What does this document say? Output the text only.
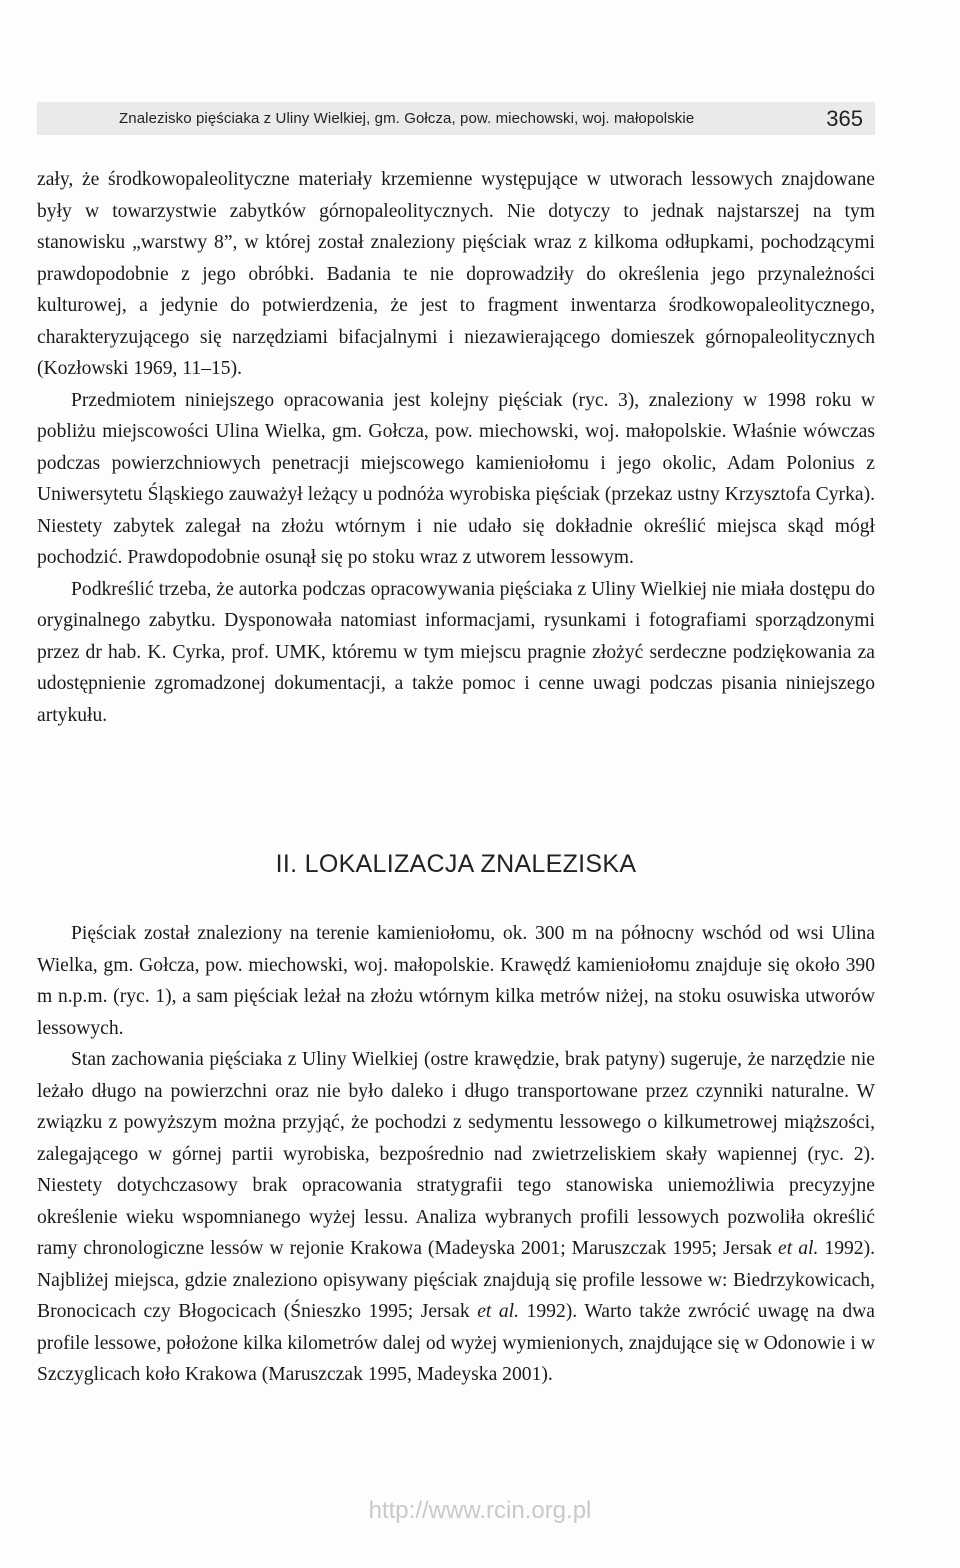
Znalezisko pięściaka z Uliny Wielkiej, gm. Gołcza, pow. miechowski, woj. małopolskie	365

zały, że środkowopaleolityczne materiały krzemienne występujące w utworach lessowych znajdowane były w towarzystwie zabytków górnopaleolitycznych. Nie dotyczy to jednak najstarszej na tym stanowisku „warstwy 8”, w której został znaleziony pięściak wraz z kilkoma odłupkami, pochodzącymi prawdopodobnie z jego obróbki. Badania te nie doprowadziły do określenia jego przynależności kulturowej, a jedynie do potwierdzenia, że jest to fragment inwentarza środkowopaleolitycznego, charakteryzującego się narzędziami bifacjalnymi i niezawierającego domieszek górnopaleolitycznych (Kozłowski 1969, 11–15).

Przedmiotem niniejszego opracowania jest kolejny pięściak (ryc. 3), znaleziony w 1998 roku w pobliżu miejscowości Ulina Wielka, gm. Gołcza, pow. miechowski, woj. małopolskie. Właśnie wówczas podczas powierzchniowych penetracji miejscowego kamieniołomu i jego okolic, Adam Polonius z Uniwersytetu Śląskiego zauważył leżący u podnóża wyrobiska pięściak (przekaz ustny Krzysztofa Cyrka). Niestety zabytek zalegał na złożu wtórnym i nie udało się dokładnie określić miejsca skąd mógł pochodzić. Prawdopodobnie osunął się po stoku wraz z utworem lessowym.

Podkreślić trzeba, że autorka podczas opracowywania pięściaka z Uliny Wielkiej nie miała dostępu do oryginalnego zabytku. Dysponowała natomiast informacjami, rysunkami i fotografiami sporządzonymi przez dr hab. K. Cyrka, prof. UMK, któremu w tym miejscu pragnie złożyć serdeczne podziękowania za udostępnienie zgromadzonej dokumentacji, a także pomoc i cenne uwagi podczas pisania niniejszego artykułu.

II. LOKALIZACJA ZNALEZISKA

Pięściak został znaleziony na terenie kamieniołomu, ok. 300 m na północny wschód od wsi Ulina Wielka, gm. Gołcza, pow. miechowski, woj. małopolskie. Krawędź kamieniołomu znajduje się około 390 m n.p.m. (ryc. 1), a sam pięściak leżał na złożu wtórnym kilka metrów niżej, na stoku osuwiska utworów lessowych.

Stan zachowania pięściaka z Uliny Wielkiej (ostre krawędzie, brak patyny) sugeruje, że narzędzie nie leżało długo na powierzchni oraz nie było daleko i długo transportowane przez czynniki naturalne. W związku z powyższym można przyjąć, że pochodzi z sedymentu lessowego o kilkumetrowej miąższości, zalegającego w górnej partii wyrobiska, bezpośrednio nad zwietrzeliskiem skały wapiennej (ryc. 2). Niestety dotychczasowy brak opracowania stratygrafii tego stanowiska uniemożliwia precyzyjne określenie wieku wspomnianego wyżej lessu. Analiza wybranych profili lessowych pozwoliła określić ramy chronologiczne lessów w rejonie Krakowa (Madeyska 2001; Maruszczak 1995; Jersak et al. 1992). Najbliżej miejsca, gdzie znaleziono opisywany pięściak znajdują się profile lessowe w: Biedrzykowicach, Bronocicach czy Błogocicach (Śnieszko 1995; Jersak et al. 1992). Warto także zwrócić uwagę na dwa profile lessowe, położone kilka kilometrów dalej od wyżej wymienionych, znajdujące się w Odonowie i w Szczyglicach koło Krakowa (Maruszczak 1995, Madeyska 2001).

http://www.rcin.org.pl
